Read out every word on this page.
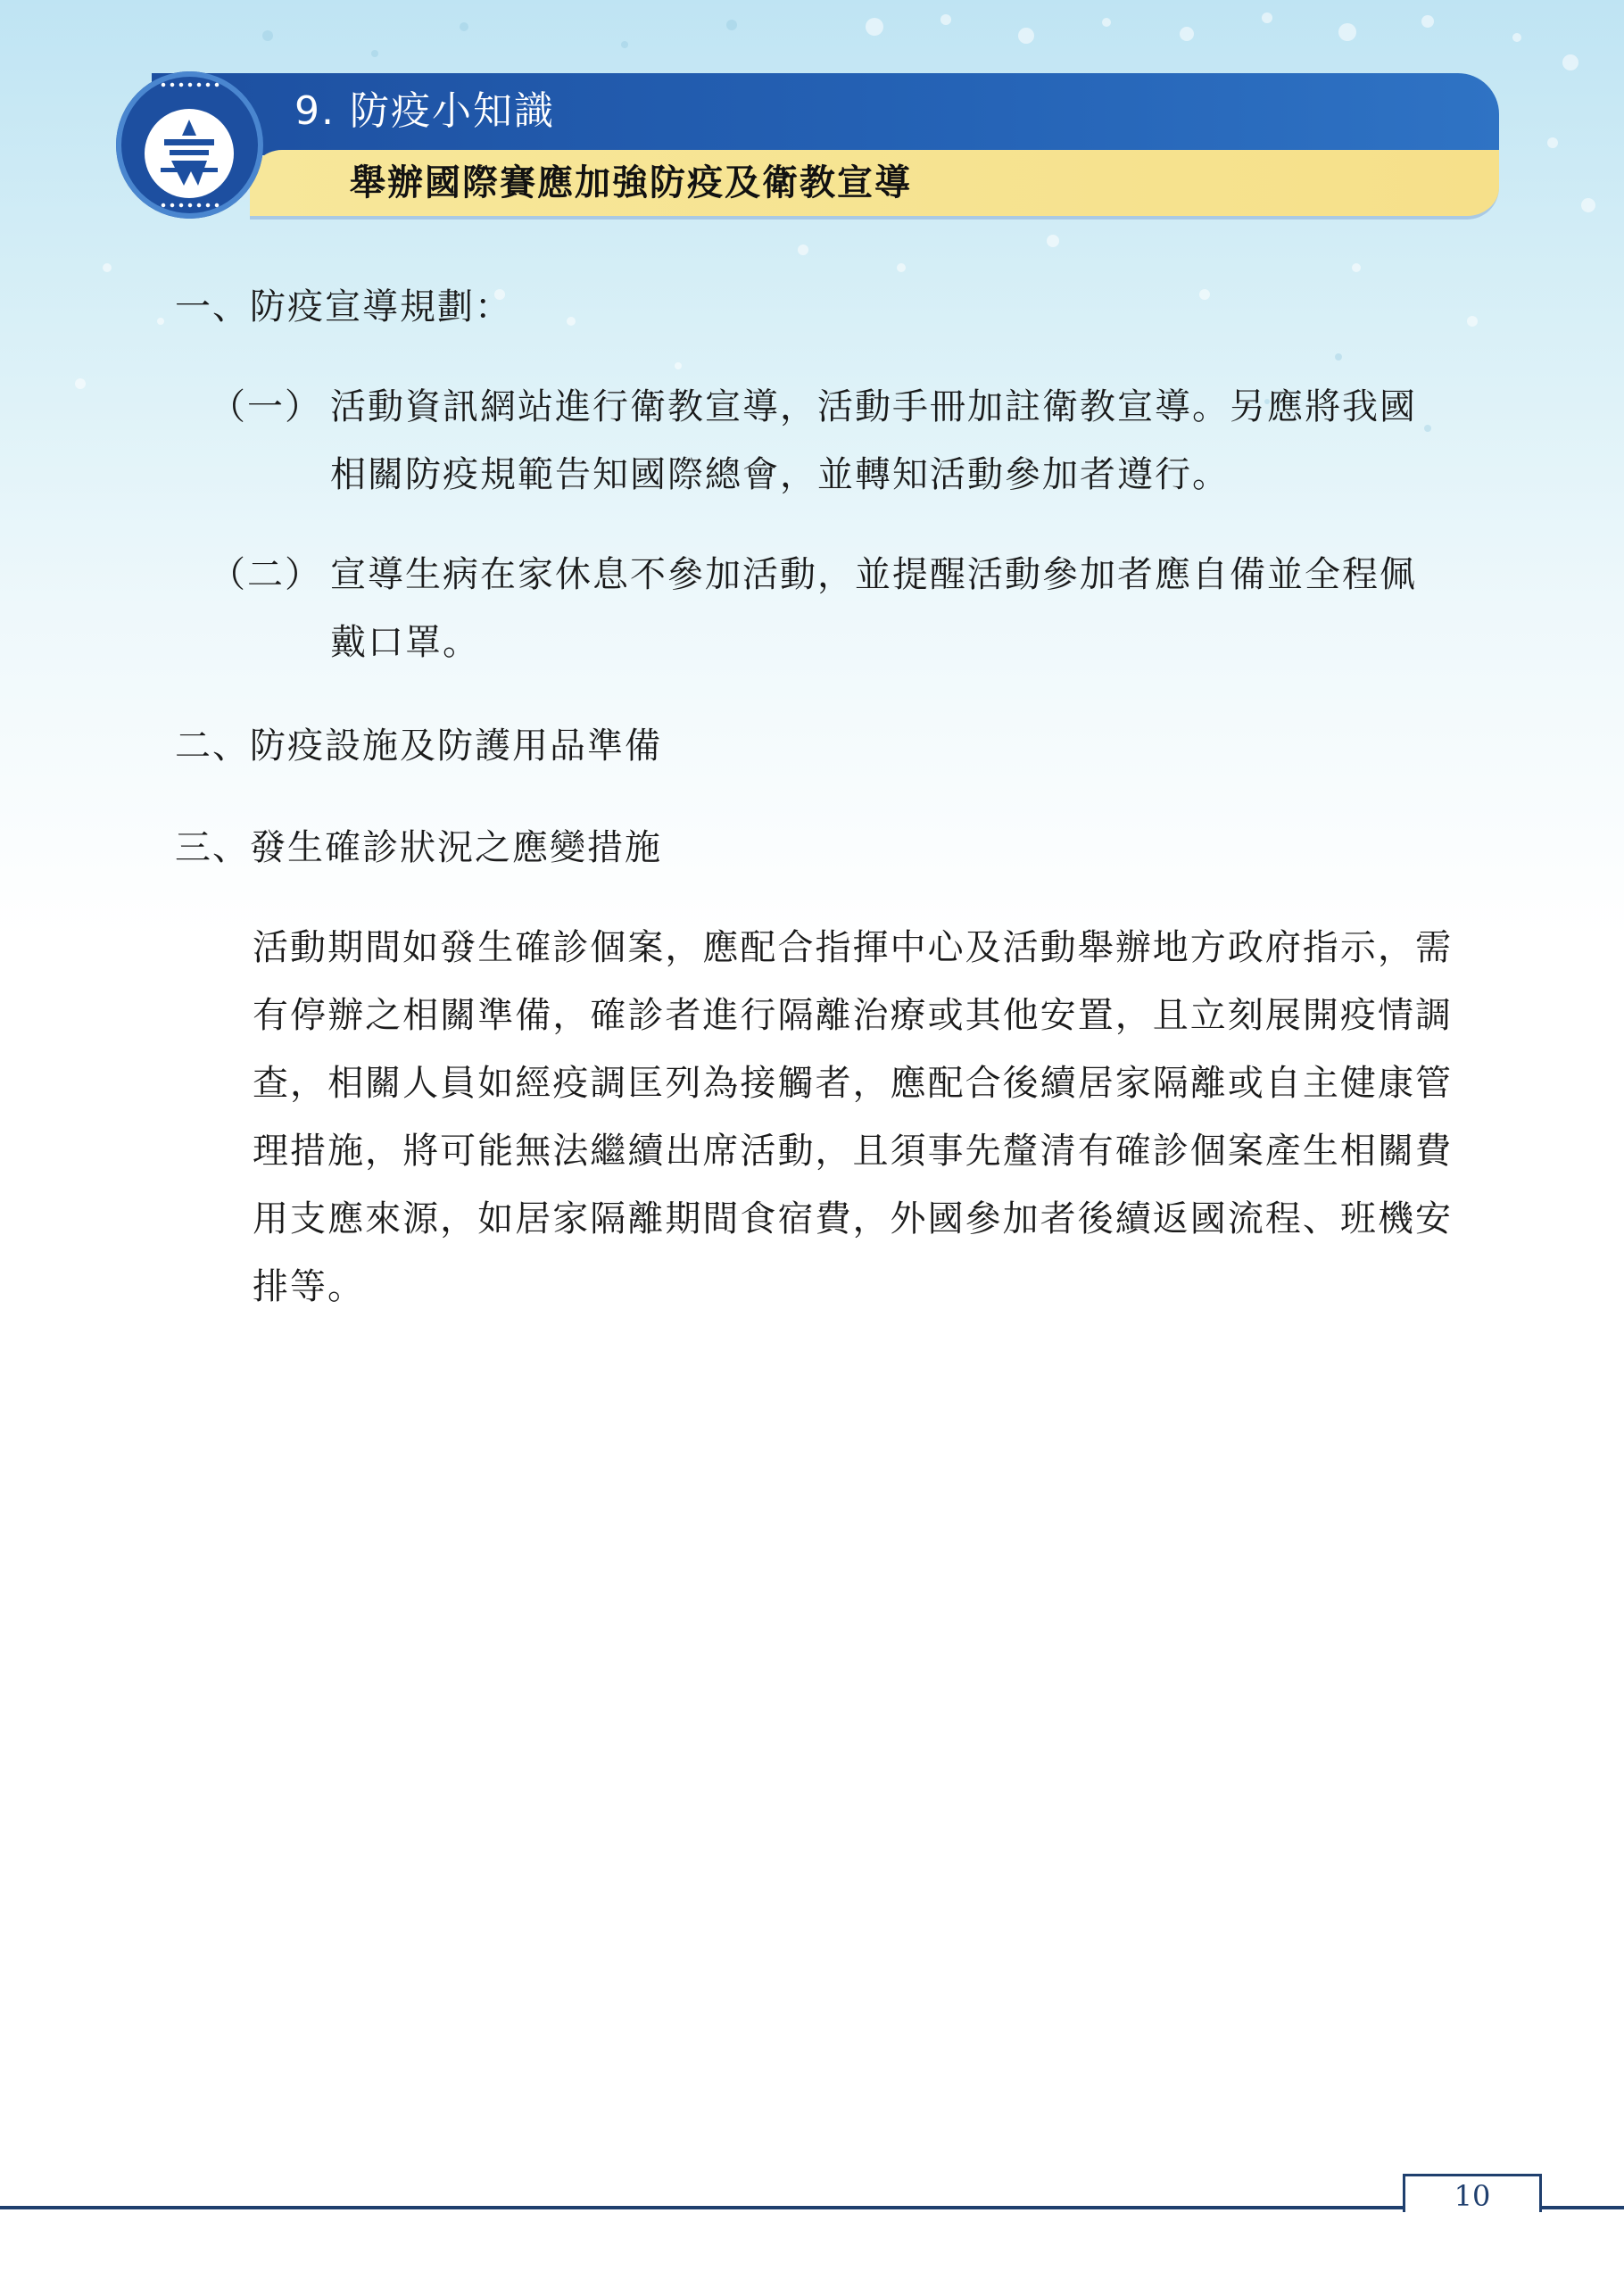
9. 防疫小知識
舉辦國際賽應加強防疫及衛教宣導
一、防疫宣導規劃：
（一） 活動資訊網站進行衛教宣導，活動手冊加註衛教宣導。另應將我國相關防疫規範告知國際總會，並轉知活動參加者遵行。
（二） 宣導生病在家休息不參加活動，並提醒活動參加者應自備並全程佩戴口罩。
二、防疫設施及防護用品準備
三、發生確診狀況之應變措施
活動期間如發生確診個案，應配合指揮中心及活動舉辦地方政府指示，需有停辦之相關準備，確診者進行隔離治療或其他安置，且立刻展開疫情調查，相關人員如經疫調匡列為接觸者，應配合後續居家隔離或自主健康管理措施，將可能無法繼續出席活動，且須事先釐清有確診個案產生相關費用支應來源，如居家隔離期間食宿費，外國參加者後續返國流程、班機安排等。
10
